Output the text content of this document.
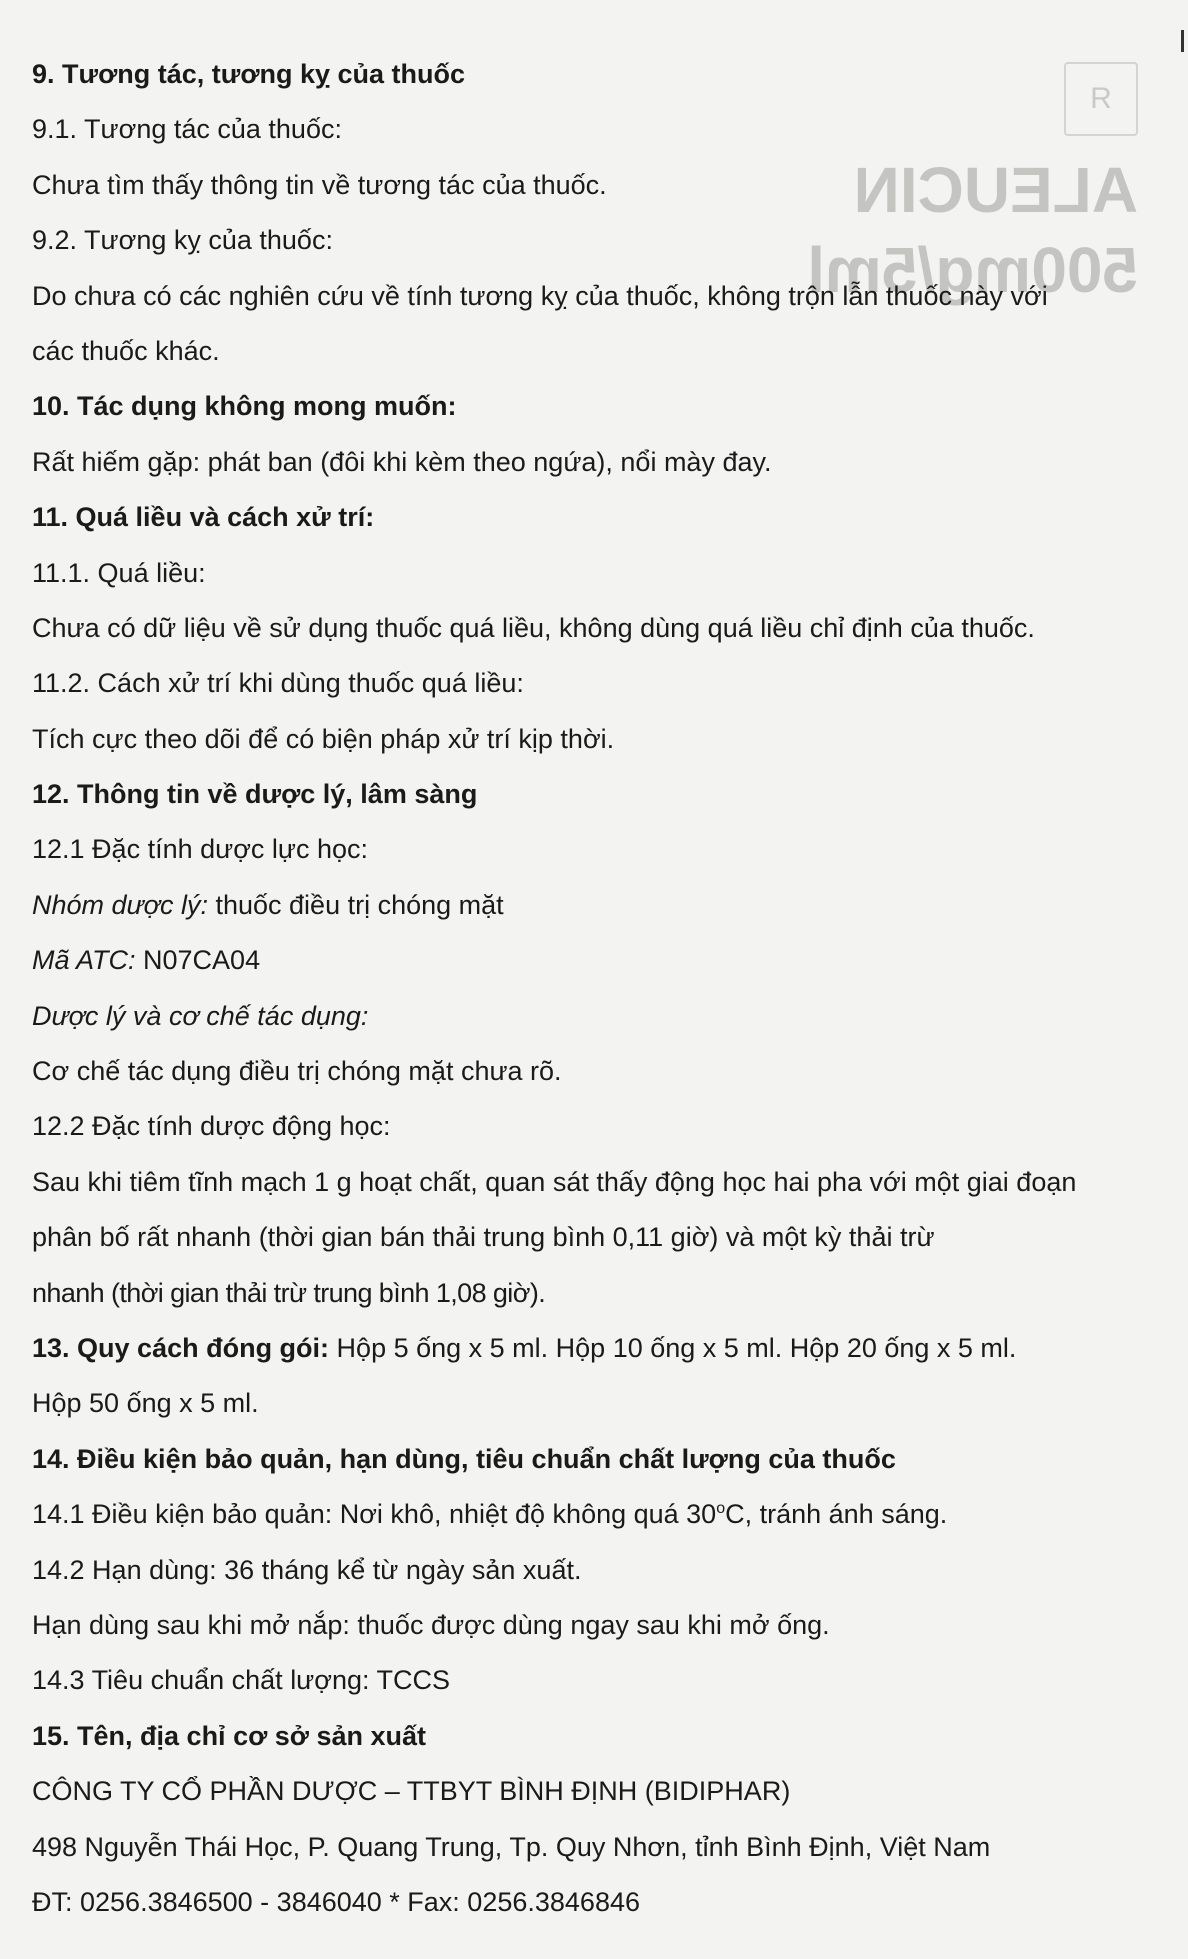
R
ALEUCIN 500mg/5ml
9. Tương tác, tương kỵ của thuốc
9.1. Tương tác của thuốc:
Chưa tìm thấy thông tin về tương tác của thuốc.
9.2. Tương kỵ của thuốc:
Do chưa có các nghiên cứu về tính tương kỵ của thuốc, không trộn lẫn thuốc này với
các thuốc khác.
10. Tác dụng không mong muốn:
Rất hiếm gặp: phát ban (đôi khi kèm theo ngứa), nổi mày đay.
11. Quá liều và cách xử trí:
11.1. Quá liều:
Chưa có dữ liệu về sử dụng thuốc quá liều, không dùng quá liều chỉ định của thuốc.
11.2. Cách xử trí khi dùng thuốc quá liều:
Tích cực theo dõi để có biện pháp xử trí kịp thời.
12. Thông tin về dược lý, lâm sàng
12.1 Đặc tính dược lực học:
Nhóm dược lý: thuốc điều trị chóng mặt
Mã ATC: N07CA04
Dược lý và cơ chế tác dụng:
Cơ chế tác dụng điều trị chóng mặt chưa rõ.
12.2 Đặc tính dược động học:
Sau khi tiêm tĩnh mạch 1 g hoạt chất, quan sát thấy động học hai pha với một giai đoạn
phân bố rất nhanh (thời gian bán thải trung bình 0,11 giờ) và một kỳ thải trừ
nhanh (thời gian thải trừ trung bình 1,08 giờ).
13. Quy cách đóng gói: Hộp 5 ống x 5 ml. Hộp 10 ống x 5 ml. Hộp 20 ống x 5 ml.
Hộp 50 ống x 5 ml.
14. Điều kiện bảo quản, hạn dùng, tiêu chuẩn chất lượng của thuốc
14.1 Điều kiện bảo quản: Nơi khô, nhiệt độ không quá 30$^o$C, tránh ánh sáng.
14.2 Hạn dùng: 36 tháng kể từ ngày sản xuất.
Hạn dùng sau khi mở nắp: thuốc được dùng ngay sau khi mở ống.
14.3 Tiêu chuẩn chất lượng: TCCS
15. Tên, địa chỉ cơ sở sản xuất
CÔNG TY CỔ PHẦN DƯỢC – TTBYT BÌNH ĐỊNH (BIDIPHAR)
498 Nguyễn Thái Học, P. Quang Trung, Tp. Quy Nhơn, tỉnh Bình Định, Việt Nam
ĐT: 0256.3846500 - 3846040 * Fax: 0256.3846846
